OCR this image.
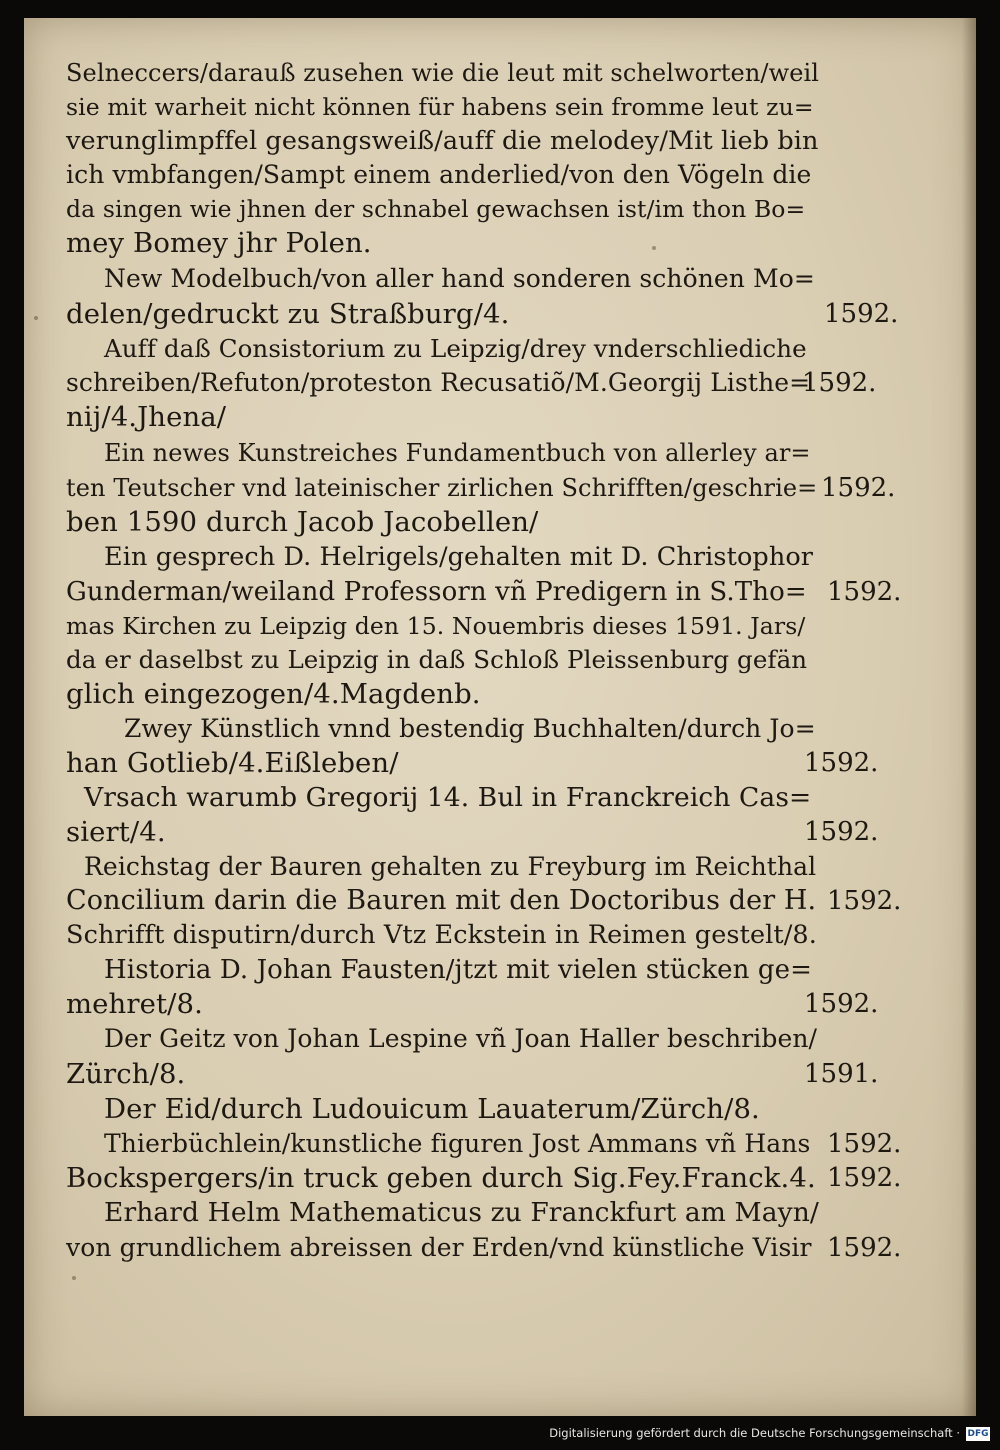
Selneccers/darauß zusehen wie die leut mit schelworten/weil
sie mit warheit nicht können für habens sein fromme leut zu=
verunglimpffel gesangsweiß/auff die melodey/Mit lieb bin
ich vmbfangen/Sampt einem anderlied/von den Vögeln die
da singen wie jhnen der schnabel gewachsen ist/im thon Bo=
mey Bomey jhr Polen.
New Modelbuch/von aller hand sonderen schönen Mo=
delen/gedruckt zu Straßburg/4.
Auff daß Consistorium zu Leipzig/drey vnderschliediche
schreiben/Refuton/proteston Recusatiõ/M.Georgij Listhe=
nij/4.Jhena/
Ein newes Kunstreiches Fundamentbuch von allerley ar=
ten Teutscher vnd lateinischer zirlichen Schrifften/geschrie=
ben 1590 durch Jacob Jacobellen/
Ein gesprech D. Helrigels/gehalten mit D. Christophor
Gunderman/weiland Professorn vñ Predigern in S.Tho=
mas Kirchen zu Leipzig den 15. Nouembris dieses 1591. Jars/
da er daselbst zu Leipzig in daß Schloß Pleissenburg gefän
glich eingezogen/4.Magdenb.
Zwey Künstlich vnnd bestendig Buchhalten/durch Jo=
han Gotlieb/4.Eißleben/
Vrsach warumb Gregorij 14. Bul in Franckreich Cas=
siert/4.
Reichstag der Bauren gehalten zu Freyburg im Reichthal
Concilium darin die Bauren mit den Doctoribus der H.
Schrifft disputirn/durch Vtz Eckstein in Reimen gestelt/8.
Historia D. Johan Fausten/jtzt mit vielen stücken ge=
mehret/8.
Der Geitz von Johan Lespine vñ Joan Haller beschriben/
Zürch/8.
Der Eid/durch Ludouicum Lauaterum/Zürch/8.
Thierbüchlein/kunstliche figuren Jost Ammans vñ Hans
Bockspergers/in truck geben durch Sig.Fey.Franck.4.
Erhard Helm Mathematicus zu Franckfurt am Mayn/
von grundlichem abreissen der Erden/vnd künstliche Visir
1592.
1592.
1592.
1592.
1592.
1592.
1592.
1592.
1591.
1592.
1592.
1592.
Digitalisierung gefördert durch die Deutsche Forschungsgemeinschaft · DFG
